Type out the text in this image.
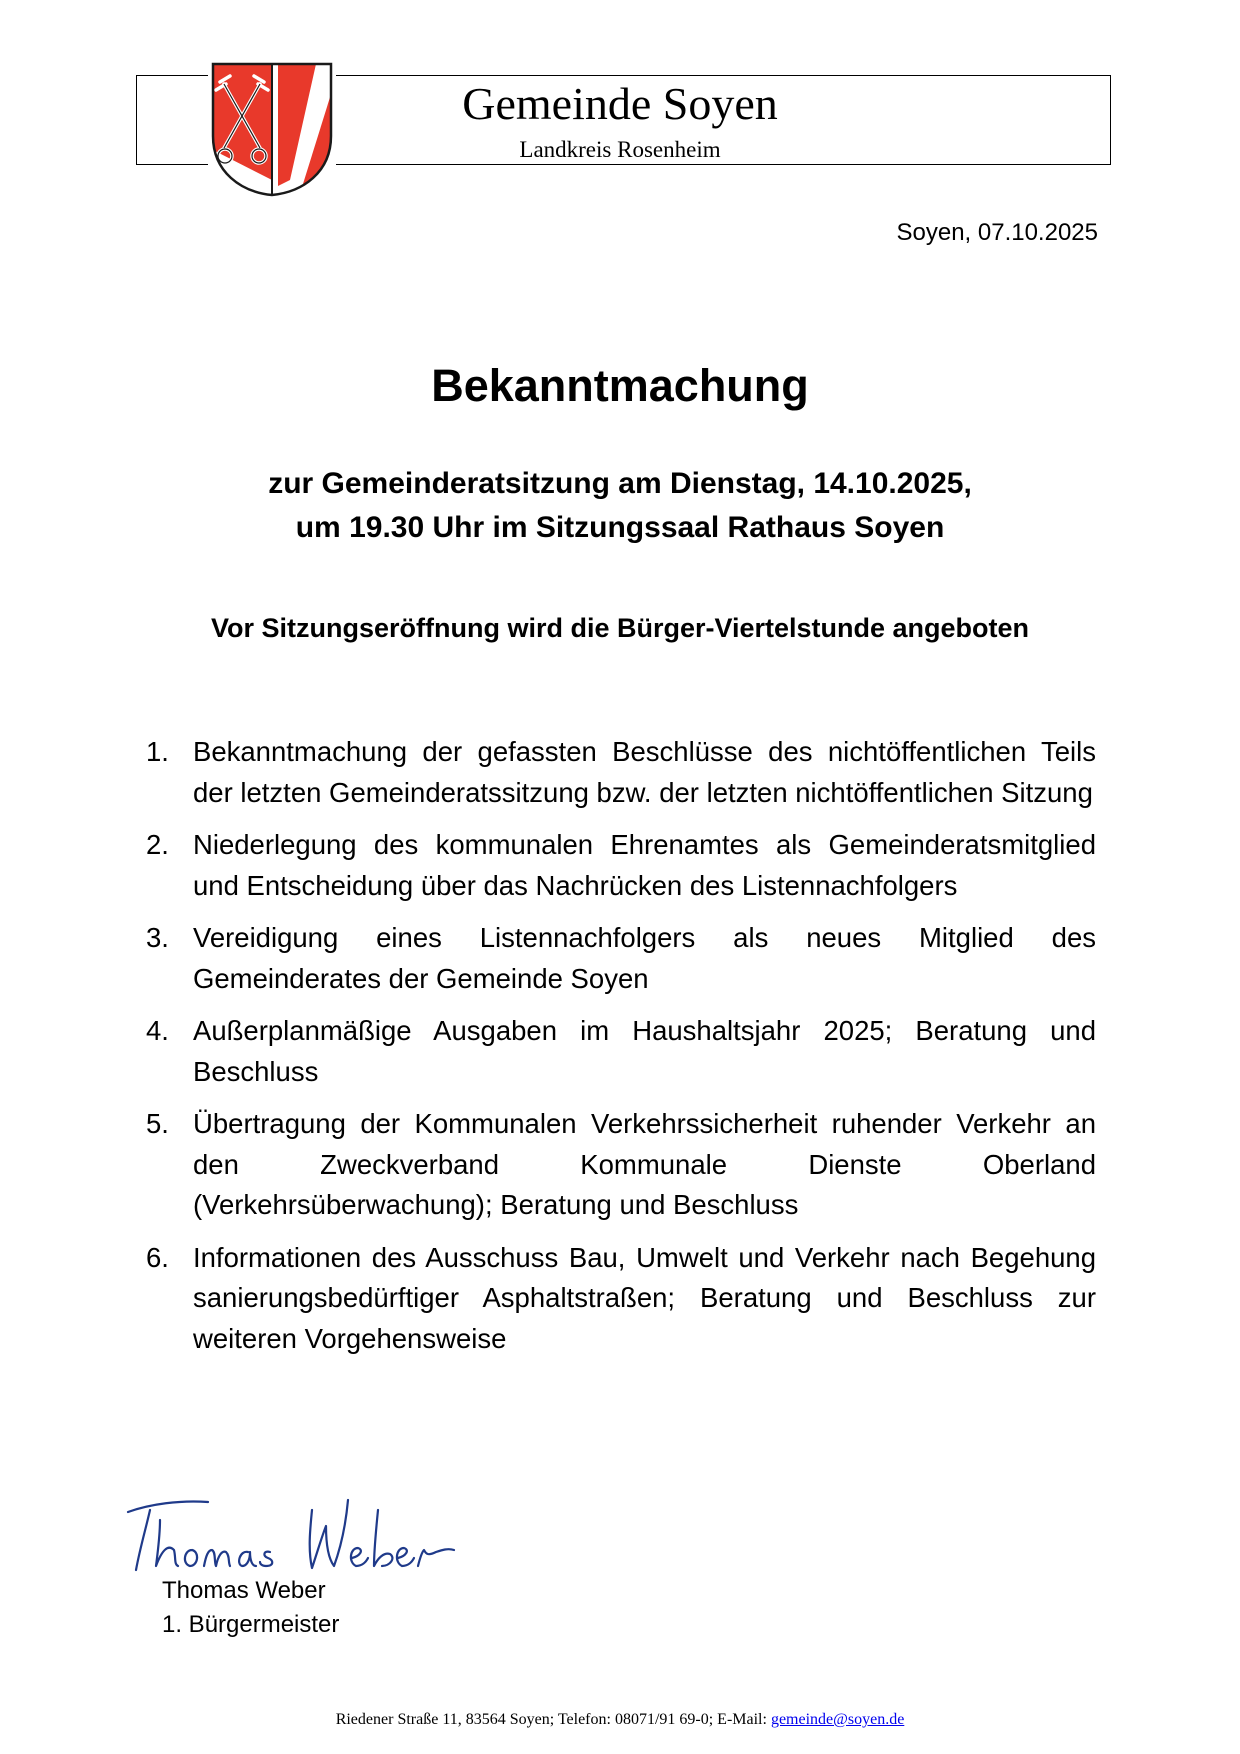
Gemeinde Soyen
Landkreis Rosenheim
Soyen, 07.10.2025
Bekanntmachung
zur Gemeinderatsitzung am Dienstag, 14.10.2025,
um 19.30 Uhr im Sitzungssaal Rathaus Soyen
Vor Sitzungseröffnung wird die Bürger-Viertelstunde angeboten
1. Bekanntmachung der gefassten Beschlüsse des nichtöffentlichen Teils der letzten Gemeinderatssitzung bzw. der letzten nichtöffentlichen Sitzung
2. Niederlegung des kommunalen Ehrenamtes als Gemeinderatsmitglied und Entscheidung über das Nachrücken des Listennachfolgers
3. Vereidigung eines Listennachfolgers als neues Mitglied des Gemeinderates der Gemeinde Soyen
4. Außerplanmäßige Ausgaben im Haushaltsjahr 2025; Beratung und Beschluss
5. Übertragung der Kommunalen Verkehrssicherheit ruhender Verkehr an den Zweckverband Kommunale Dienste Oberland (Verkehrsüberwachung); Beratung und Beschluss
6. Informationen des Ausschuss Bau, Umwelt und Verkehr nach Begehung sanierungsbedürftiger Asphaltstraßen; Beratung und Beschluss zur weiteren Vorgehensweise
Thomas Weber
1. Bürgermeister
Riedener Straße 11, 83564 Soyen; Telefon: 08071/91 69-0; E-Mail: gemeinde@soyen.de
